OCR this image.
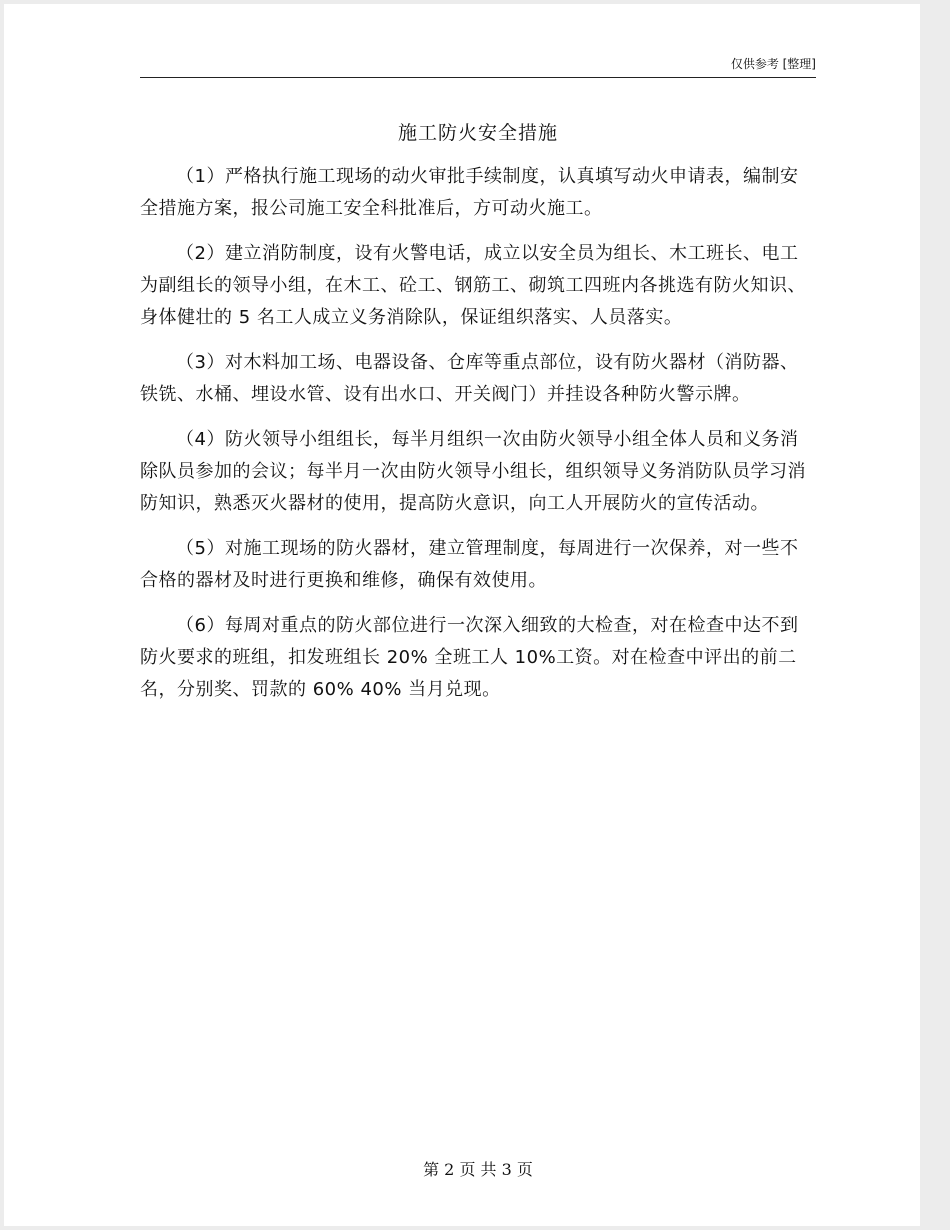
仅供参考 [整理]
施工防火安全措施

（1）严格执行施工现场的动火审批手续制度，认真填写动火申请表，编制安全措施方案，报公司施工安全科批准后，方可动火施工。

（2）建立消防制度，设有火警电话，成立以安全员为组长、木工班长、电工为副组长的领导小组，在木工、砼工、钢筋工、砌筑工四班内各挑选有防火知识、身体健壮的 5 名工人成立义务消除队，保证组织落实、人员落实。

（3）对木料加工场、电器设备、仓库等重点部位，设有防火器材（消防器、铁铣、水桶、埋设水管、设有出水口、开关阀门）并挂设各种防火警示牌。

（4）防火领导小组组长，每半月组织一次由防火领导小组全体人员和义务消除队员参加的会议；每半月一次由防火领导小组长，组织领导义务消防队员学习消防知识，熟悉灭火器材的使用，提高防火意识，向工人开展防火的宣传活动。

（5）对施工现场的防火器材，建立管理制度，每周进行一次保养，对一些不合格的器材及时进行更换和维修，确保有效使用。

（6）每周对重点的防火部位进行一次深入细致的大检查，对在检查中达不到防火要求的班组，扣发班组长 20% 全班工人 10%工资。对在检查中评出的前二名，分别奖、罚款的 60% 40% 当月兑现。

第 2 页 共 3 页
